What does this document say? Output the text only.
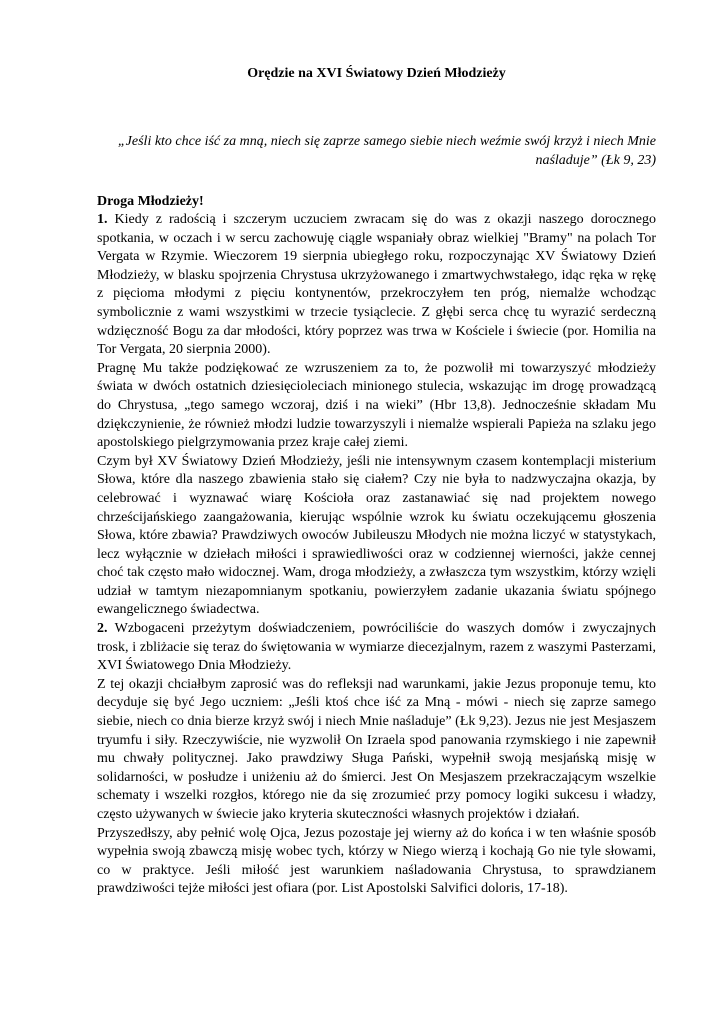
Orędzie na XVI Światowy Dzień Młodzieży

„Jeśli kto chce iść za mną, niech się zaprze samego siebie niech weźmie swój krzyż i niech Mnie naśladuje” (Łk 9, 23)

Droga Młodzieży!

1. Kiedy z radością i szczerym uczuciem zwracam się do was z okazji naszego dorocznego spotkania, w oczach i w sercu zachowuję ciągle wspaniały obraz wielkiej "Bramy" na polach Tor Vergata w Rzymie. Wieczorem 19 sierpnia ubiegłego roku, rozpoczynając XV Światowy Dzień Młodzieży, w blasku spojrzenia Chrystusa ukrzyżowanego i zmartwychwstałego, idąc ręka w rękę z pięcioma młodymi z pięciu kontynentów, przekroczyłem ten próg, niemalże wchodząc symbolicznie z wami wszystkimi w trzecie tysiąclecie. Z głębi serca chcę tu wyrazić serdeczną wdzięczność Bogu za dar młodości, który poprzez was trwa w Kościele i świecie (por. Homilia na Tor Vergata, 20 sierpnia 2000).

Pragnę Mu także podziękować ze wzruszeniem za to, że pozwolił mi towarzyszyć młodzieży świata w dwóch ostatnich dziesięcioleciach minionego stulecia, wskazując im drogę prowadzącą do Chrystusa, „tego samego wczoraj, dziś i na wieki” (Hbr 13,8). Jednocześnie składam Mu dziękczynienie, że również młodzi ludzie towarzyszyli i niemalże wspierali Papieża na szlaku jego apostolskiego pielgrzymowania przez kraje całej ziemi.

Czym był XV Światowy Dzień Młodzieży, jeśli nie intensywnym czasem kontemplacji misterium Słowa, które dla naszego zbawienia stało się ciałem? Czy nie była to nadzwyczajna okazja, by celebrować i wyznawać wiarę Kościoła oraz zastanawiać się nad projektem nowego chrześcijańskiego zaangażowania, kierując wspólnie wzrok ku światu oczekującemu głoszenia Słowa, które zbawia? Prawdziwych owoców Jubileuszu Młodych nie można liczyć w statystykach, lecz wyłącznie w dziełach miłości i sprawiedliwości oraz w codziennej wierności, jakże cennej choć tak często mało widocznej. Wam, droga młodzieży, a zwłaszcza tym wszystkim, którzy wzięli udział w tamtym niezapomnianym spotkaniu, powierzyłem zadanie ukazania światu spójnego ewangelicznego świadectwa.

2. Wzbogaceni przeżytym doświadczeniem, powróciliście do waszych domów i zwyczajnych trosk, i zbliżacie się teraz do świętowania w wymiarze diecezjalnym, razem z waszymi Pasterzami, XVI Światowego Dnia Młodzieży.

Z tej okazji chciałbym zaprosić was do refleksji nad warunkami, jakie Jezus proponuje temu, kto decyduje się być Jego uczniem: „Jeśli ktoś chce iść za Mną - mówi - niech się zaprze samego siebie, niech co dnia bierze krzyż swój i niech Mnie naśladuje” (Łk 9,23). Jezus nie jest Mesjaszem tryumfu i siły. Rzeczywiście, nie wyzwolił On Izraela spod panowania rzymskiego i nie zapewnił mu chwały politycznej. Jako prawdziwy Sługa Pański, wypełnił swoją mesjańską misję w solidarności, w posłudze i uniżeniu aż do śmierci. Jest On Mesjaszem przekraczającym wszelkie schematy i wszelki rozgłos, którego nie da się zrozumieć przy pomocy logiki sukcesu i władzy, często używanych w świecie jako kryteria skuteczności własnych projektów i działań.

Przyszedłszy, aby pełnić wolę Ojca, Jezus pozostaje jej wierny aż do końca i w ten właśnie sposób wypełnia swoją zbawczą misję wobec tych, którzy w Niego wierzą i kochają Go nie tyle słowami, co w praktyce. Jeśli miłość jest warunkiem naśladowania Chrystusa, to sprawdzianem prawdziwości tejże miłości jest ofiara (por. List Apostolski Salvifici doloris, 17-18).
